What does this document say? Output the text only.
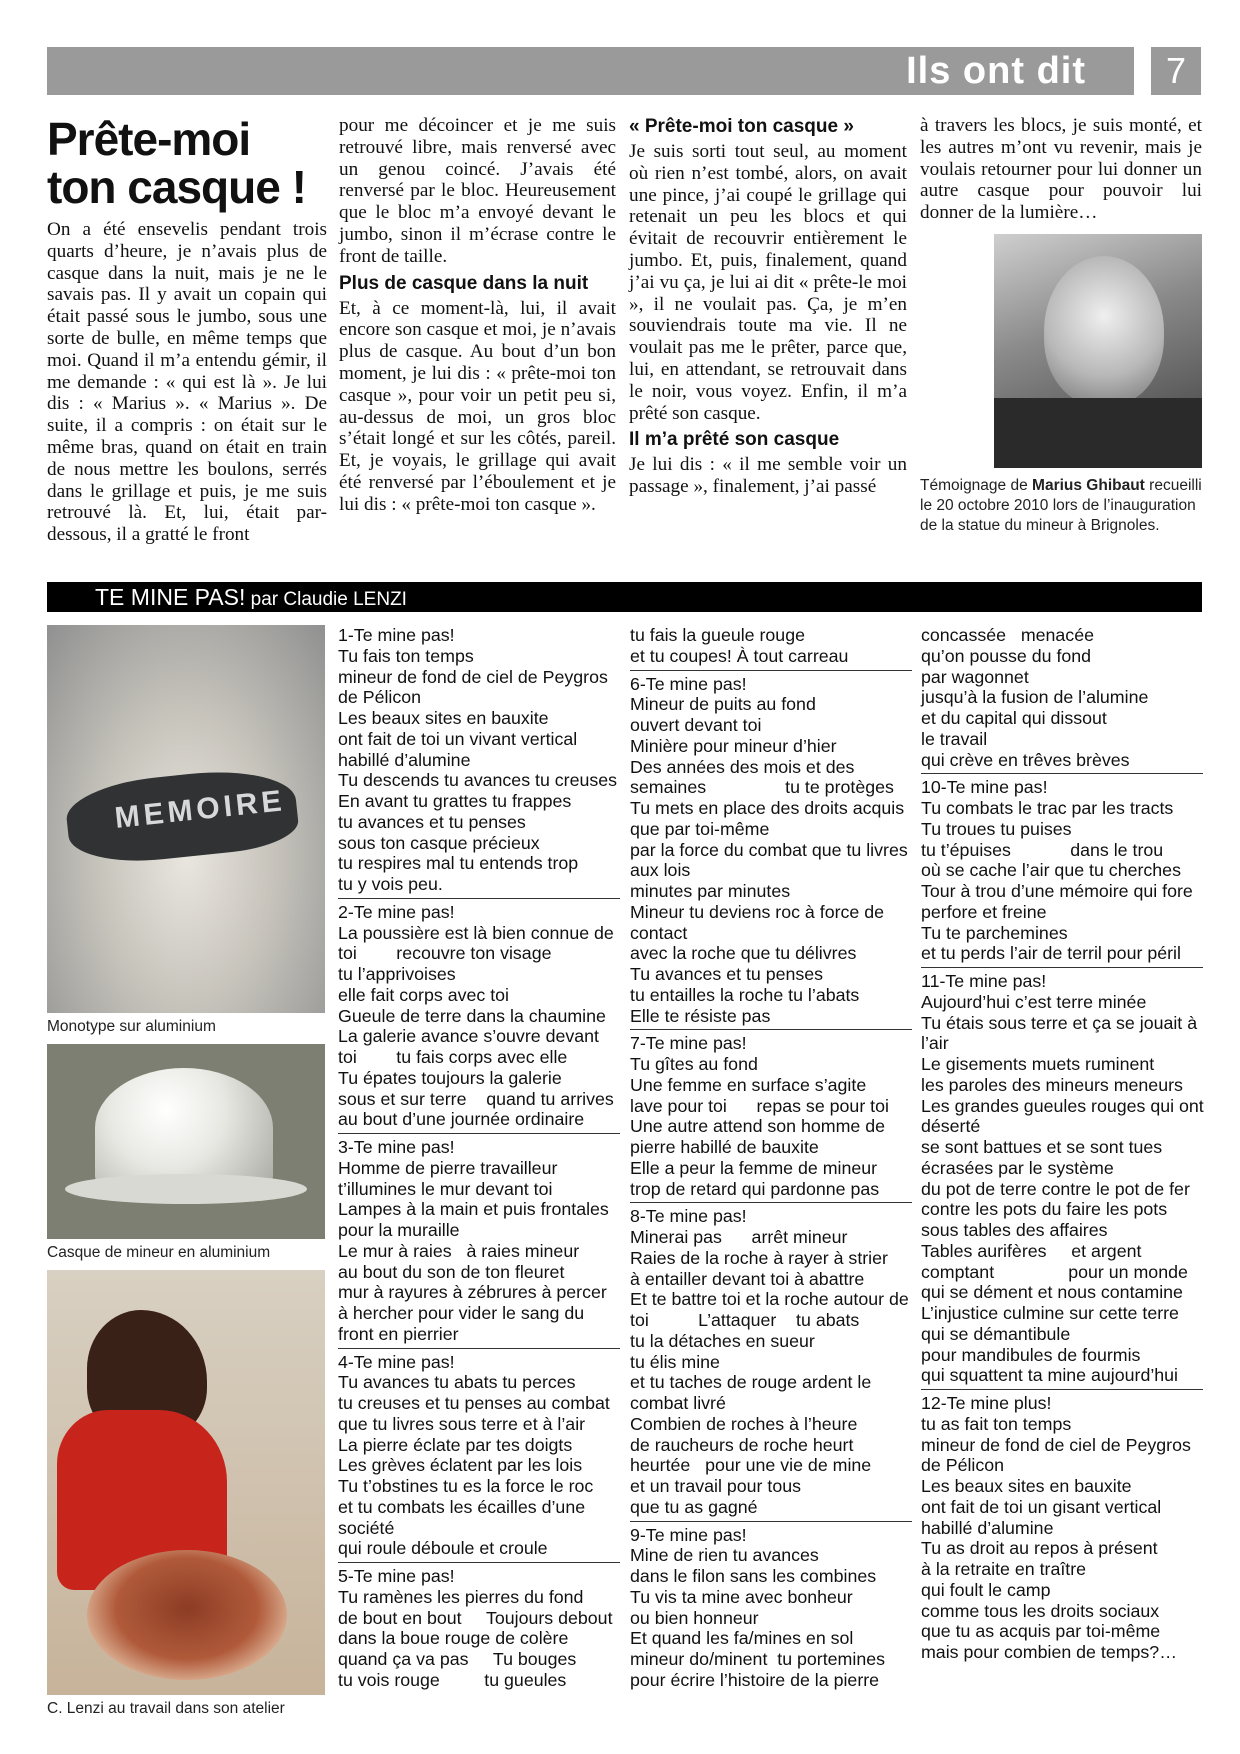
Ils ont dit	7
Prête-moi ton casque !

On a été ensevelis pendant trois quarts d’heure, je n’avais plus de casque dans la nuit, mais je ne le savais pas. Il y avait un copain qui était passé sous le jumbo, sous une sorte de bulle, en même temps que moi. Quand il m’a entendu gémir, il me demande : « qui est là ». Je lui dis : « Marius ». « Marius ». De suite, il a compris : on était sur le même bras, quand on était en train de nous mettre les boulons, serrés dans le grillage et puis, je me suis retrouvé là. Et, lui, était par-dessous, il a gratté le front

pour me décoincer et je me suis retrouvé libre, mais renversé avec un genou coincé. J’avais été renversé par le bloc. Heureusement que le bloc m’a envoyé devant le jumbo, sinon il m’écrase contre le front de taille.

Plus de casque dans la nuit

Et, à ce moment-là, lui, il avait encore son casque et moi, je n’avais plus de casque. Au bout d’un bon moment, je lui dis : « prête-moi ton casque », pour voir un petit peu si, au-dessus de moi, un gros bloc s’était longé et sur les côtés, pareil. Et, je voyais, le grillage qui avait été renversé par l’éboulement et je lui dis : « prête-moi ton casque ».

« Prête-moi ton casque »

Je suis sorti tout seul, au moment où rien n’est tombé, alors, on avait une pince, j’ai coupé le grillage qui retenait un peu les blocs et qui évitait de recouvrir entièrement le jumbo. Et, puis, finalement, quand j’ai vu ça, je lui ai dit « prête-le moi », il ne voulait pas. Ça, je m’en souviendrais toute ma vie. Il ne voulait pas me le prêter, parce que, lui, en attendant, se retrouvait dans le noir, vous voyez. Enfin, il m’a prêté son casque.

Il m’a prêté son casque

Je lui dis : « il me semble voir un passage », finalement, j’ai passé

à travers les blocs, je suis monté, et les autres m’ont vu revenir, mais je voulais retourner pour lui donner un autre casque pour pouvoir lui donner de la lumière…

Témoignage de Marius Ghibaut recueilli le 20 octobre 2010 lors de l’inauguration de la statue du mineur à Brignoles.

TE MINE PAS! par Claudie LENZI
MEMOIRE
Monotype sur aluminium
Casque de mineur en aluminium
C. Lenzi au travail dans son atelier
1-Te mine pas!
Tu fais ton temps
mineur de fond de ciel de Peygros
de Pélicon
Les beaux sites en bauxite
ont fait de toi un vivant vertical
habillé d’alumine
Tu descends tu avances tu creuses
En avant tu grattes tu frappes
tu avances et tu penses
sous ton casque précieux
tu respires mal tu entends trop
tu y vois peu.
2-Te mine pas!
La poussière est là bien connue de
toi        recouvre ton visage
tu l’apprivoises
elle fait corps avec toi
Gueule de terre dans la chaumine
La galerie avance s’ouvre devant
toi        tu fais corps avec elle
Tu épates toujours la galerie
sous et sur terre    quand tu arrives
au bout d’une journée ordinaire
3-Te mine pas!
Homme de pierre travailleur
t’illumines le mur devant toi
Lampes à la main et puis frontales
pour la muraille
Le mur à raies   à raies mineur
au bout du son de ton fleuret
mur à rayures à zébrures à percer
à hercher pour vider le sang du
front en pierrier
4-Te mine pas!
Tu avances tu abats tu perces
tu creuses et tu penses au combat
que tu livres sous terre et à l’air
La pierre éclate par tes doigts
Les grèves éclatent par les lois
Tu t’obstines tu es la force le roc
et tu combats les écailles d’une
société
qui roule déboule et croule
5-Te mine pas!
Tu ramènes les pierres du fond
de bout en bout     Toujours debout
dans la boue rouge de colère
quand ça va pas     Tu bouges
tu vois rouge         tu gueules
tu fais la gueule rouge
et tu coupes! À tout carreau
6-Te mine pas!
Mineur de puits au fond
ouvert devant toi
Minière pour mineur d’hier
Des années des mois et des
semaines                tu te protèges
Tu mets en place des droits acquis
que par toi-même
par la force du combat que tu livres
aux lois
minutes par minutes
Mineur tu deviens roc à force de
contact
avec la roche que tu délivres
Tu avances et tu penses
tu entailles la roche tu l’abats
Elle te résiste pas
7-Te mine pas!
Tu gîtes au fond
Une femme en surface s’agite
lave pour toi      repas se pour toi
Une autre attend son homme de
pierre habillé de bauxite
Elle a peur la femme de mineur
trop de retard qui pardonne pas
8-Te mine pas!
Minerai pas      arrêt mineur
Raies de la roche à rayer à strier
à entailler devant toi à abattre
Et te battre toi et la roche autour de
toi          L’attaquer    tu abats
tu la détaches en sueur
tu élis mine
et tu taches de rouge ardent le
combat livré
Combien de roches à l’heure
de raucheurs de roche heurt
heurtée   pour une vie de mine
et un travail pour tous
que tu as gagné
9-Te mine pas!
Mine de rien tu avances
dans le filon sans les combines
Tu vis ta mine avec bonheur
ou bien honneur
Et quand les fa/mines en sol
mineur do/minent  tu portemines
pour écrire l’histoire de la pierre
concassée   menacée
qu’on pousse du fond
par wagonnet
jusqu’à la fusion de l’alumine
et du capital qui dissout
le travail
qui crève en trêves brèves
10-Te mine pas!
Tu combats le trac par les tracts
Tu troues tu puises
tu t’épuises            dans le trou
où se cache l’air que tu cherches
Tour à trou d’une mémoire qui fore
perfore et freine
Tu te parchemines
et tu perds l’air de terril pour péril
11-Te mine pas!
Aujourd’hui c’est terre minée
Tu étais sous terre et ça se jouait à
l’air
Le gisements muets ruminent
les paroles des mineurs meneurs
Les grandes gueules rouges qui ont
déserté
se sont battues et se sont tues
écrasées par le système
du pot de terre contre le pot de fer
contre les pots du faire les pots
sous tables des affaires
Tables aurifères     et argent
comptant               pour un monde
qui se dément et nous contamine
L’injustice culmine sur cette terre
qui se démantibule
pour mandibules de fourmis
qui squattent ta mine aujourd’hui
12-Te mine plus!
tu as fait ton temps
mineur de fond de ciel de Peygros
de Pélicon
Les beaux sites en bauxite
ont fait de toi un gisant vertical
habillé d’alumine
Tu as droit au repos à présent
à la retraite en traître
qui foult le camp
comme tous les droits sociaux
que tu as acquis par toi-même
mais pour combien de temps?…
